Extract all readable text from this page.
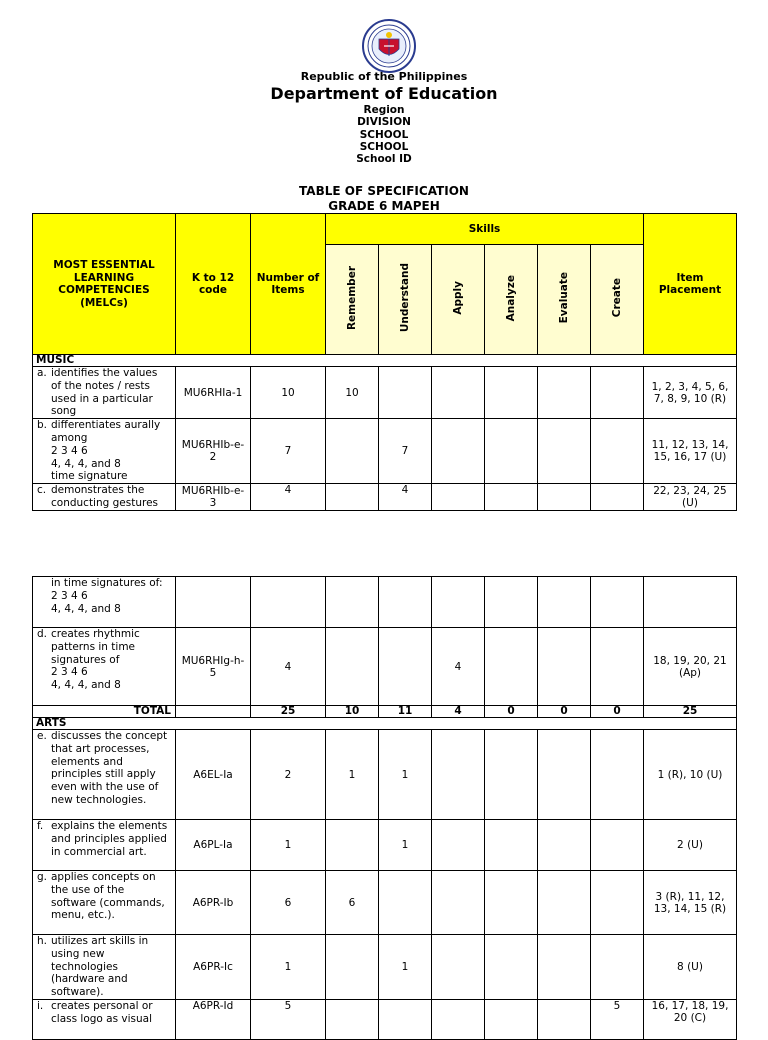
Republic of the Philippines
Department of Education
Region
DIVISION
SCHOOL
SCHOOL
School ID
TABLE OF SPECIFICATION
GRADE 6 MAPEH
MOST ESSENTIAL LEARNING COMPETENCIES (MELCs)	K to 12 code	Number of Items	Skills						Item Placement
			Remember	Understand	Apply	Analyze	Evaluate	Create	
MUSIC									
a. identifies the values of the notes / rests used in a particular song	MU6RHIa-1	10	10						1, 2, 3, 4, 5, 6, 7, 8, 9, 10 (R)
b. differentiates aurally among
2 3 4 6
4, 4, 4, and 8
time signature	MU6RHIb-e-2	7		7					11, 12, 13, 14, 15, 16, 17 (U)
c. demonstrates the conducting gestures	MU6RHIb-e-3	4		4					22, 23, 24, 25 (U)
in time signatures of:
2 3 4 6
4, 4, 4, and 8									
d.creates rhythmic patterns in time signatures of
2 3 4 6
4, 4, 4, and 8	MU6RHIg-h-5	4			4				18, 19, 20, 21 (Ap)
TOTAL		25	10	11	4	0	0	0	25
ARTS									
e. discusses the concept that art processes, elements and principles still apply even with the use of new technologies.	A6EL-Ia	2	1	1					1 (R), 10 (U)
f. explains the elements and principles applied in commercial art.	A6PL-Ia	1		1					2 (U)
g. applies concepts on the use of the software (commands, menu, etc.).	A6PR-Ib	6	6						3 (R), 11, 12, 13, 14, 15 (R)
h. utilizes art skills in using new technologies (hardware and software).	A6PR-Ic	1		1					8 (U)
i. creates personal or class logo as visual	A6PR-Id	5						5	16, 17, 18, 19, 20 (C)
